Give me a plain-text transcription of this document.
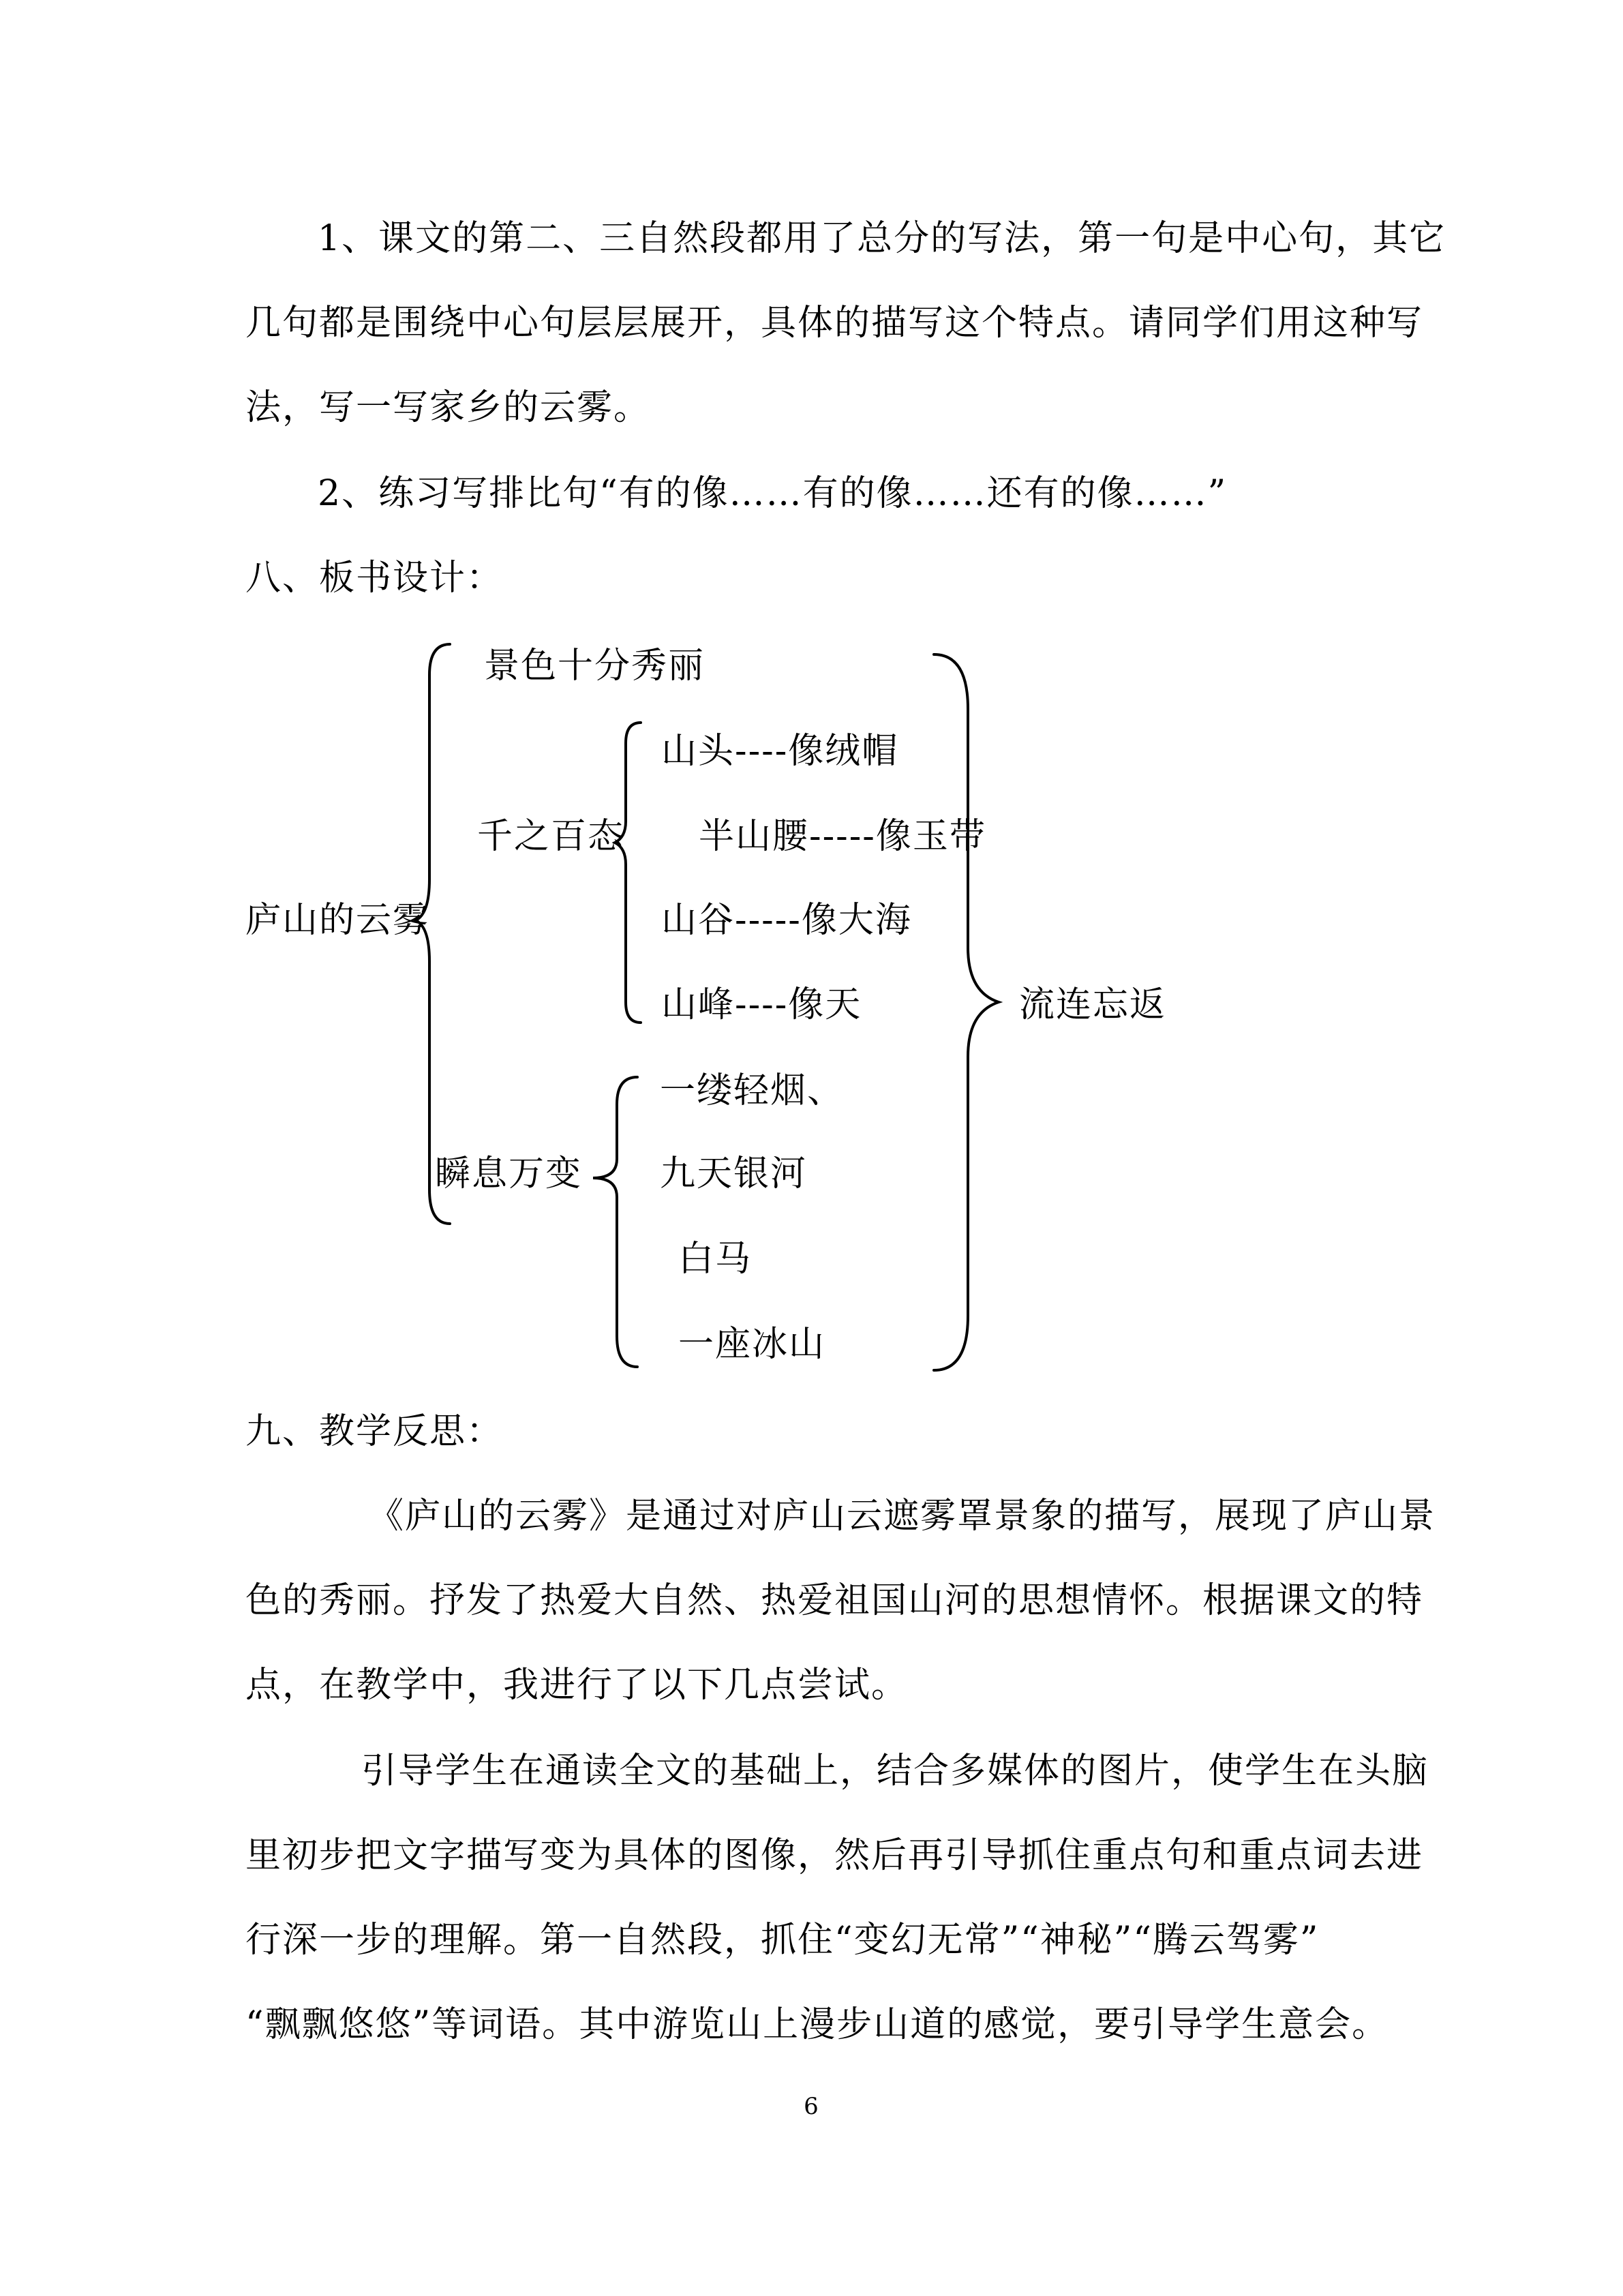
1、课文的第二、三自然段都用了总分的写法，第一句是中心句，其它
几句都是围绕中心句层层展开，具体的描写这个特点。请同学们用这种写
法，写一写家乡的云雾。
2、练习写排比句“有的像……有的像……还有的像……”
八、板书设计：
庐山的云雾
景色十分秀丽
千之百态
山头----像绒帽
半山腰-----像玉带
山谷-----像大海
山峰----像天	流连忘返
瞬息万变
一缕轻烟、
九天银河
白马
一座冰山
九、教学反思：
《庐山的云雾》是通过对庐山云遮雾罩景象的描写，展现了庐山景
色的秀丽。抒发了热爱大自然、热爱祖国山河的思想情怀。根据课文的特
点，在教学中，我进行了以下几点尝试。
引导学生在通读全文的基础上，结合多媒体的图片，使学生在头脑
里初步把文字描写变为具体的图像，然后再引导抓住重点句和重点词去进
行深一步的理解。第一自然段，抓住“变幻无常”“神秘”“腾云驾雾”
“飘飘悠悠”等词语。其中游览山上漫步山道的感觉，要引导学生意会。
6
